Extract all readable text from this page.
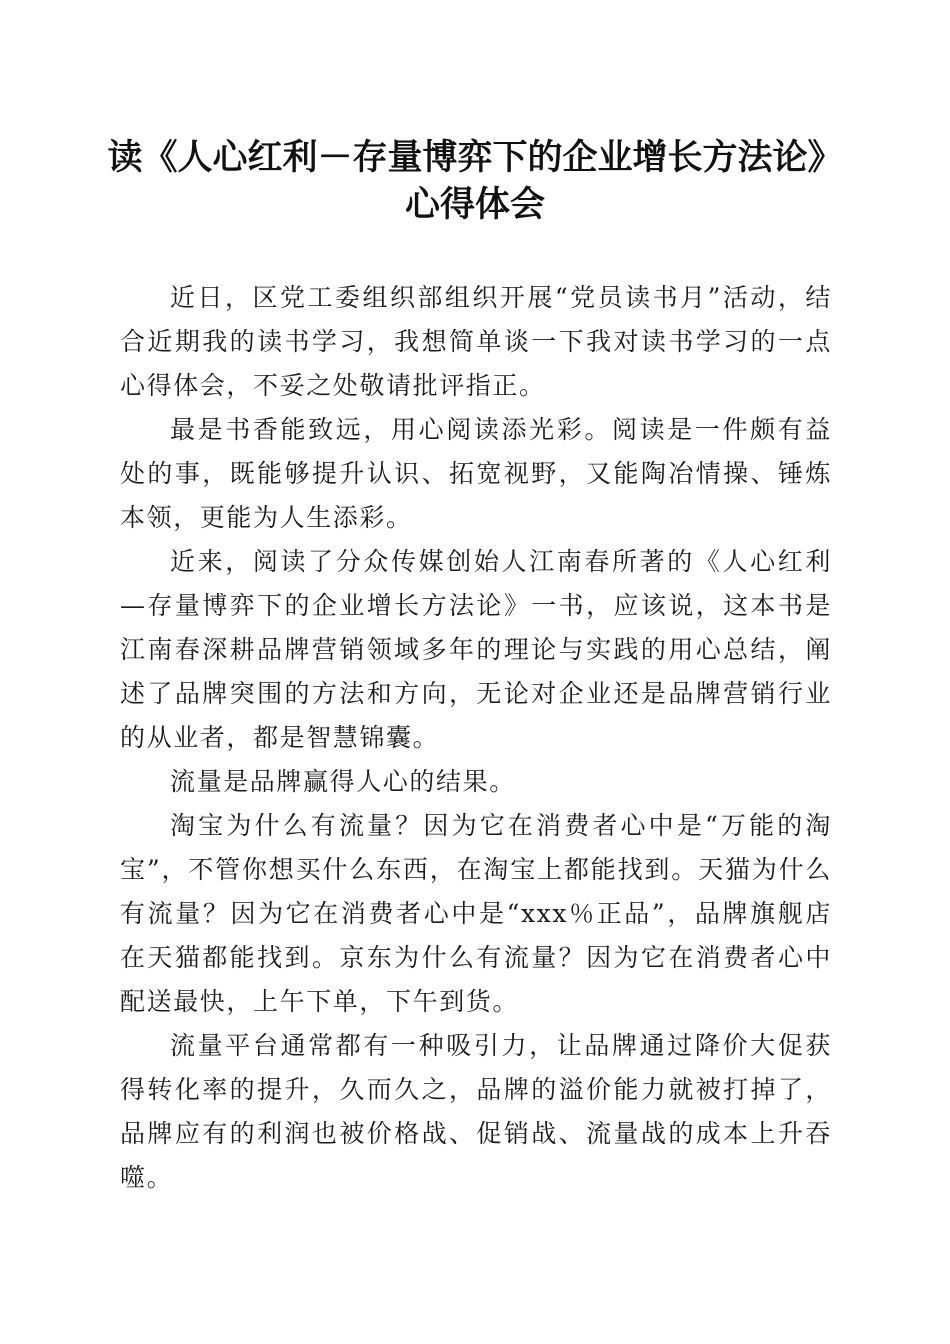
读《人心红利－存量博弈下的企业增长方法论》心得体会

近日，区党工委组织部组织开展“党员读书月”活动，结合近期我的读书学习，我想简单谈一下我对读书学习的一点心得体会，不妥之处敬请批评指正。

最是书香能致远，用心阅读添光彩。阅读是一件颇有益处的事，既能够提升认识、拓宽视野，又能陶冶情操、锤炼本领，更能为人生添彩。

近来，阅读了分众传媒创始人江南春所著的《人心红利—存量博弈下的企业增长方法论》一书，应该说，这本书是江南春深耕品牌营销领域多年的理论与实践的用心总结，阐述了品牌突围的方法和方向，无论对企业还是品牌营销行业的从业者，都是智慧锦囊。

流量是品牌赢得人心的结果。

淘宝为什么有流量？因为它在消费者心中是“万能的淘宝”，不管你想买什么东西，在淘宝上都能找到。天猫为什么有流量？因为它在消费者心中是“xxx％正品”，品牌旗舰店在天猫都能找到。京东为什么有流量？因为它在消费者心中配送最快，上午下单，下午到货。

流量平台通常都有一种吸引力，让品牌通过降价大促获得转化率的提升，久而久之，品牌的溢价能力就被打掉了，品牌应有的利润也被价格战、促销战、流量战的成本上升吞噬。
